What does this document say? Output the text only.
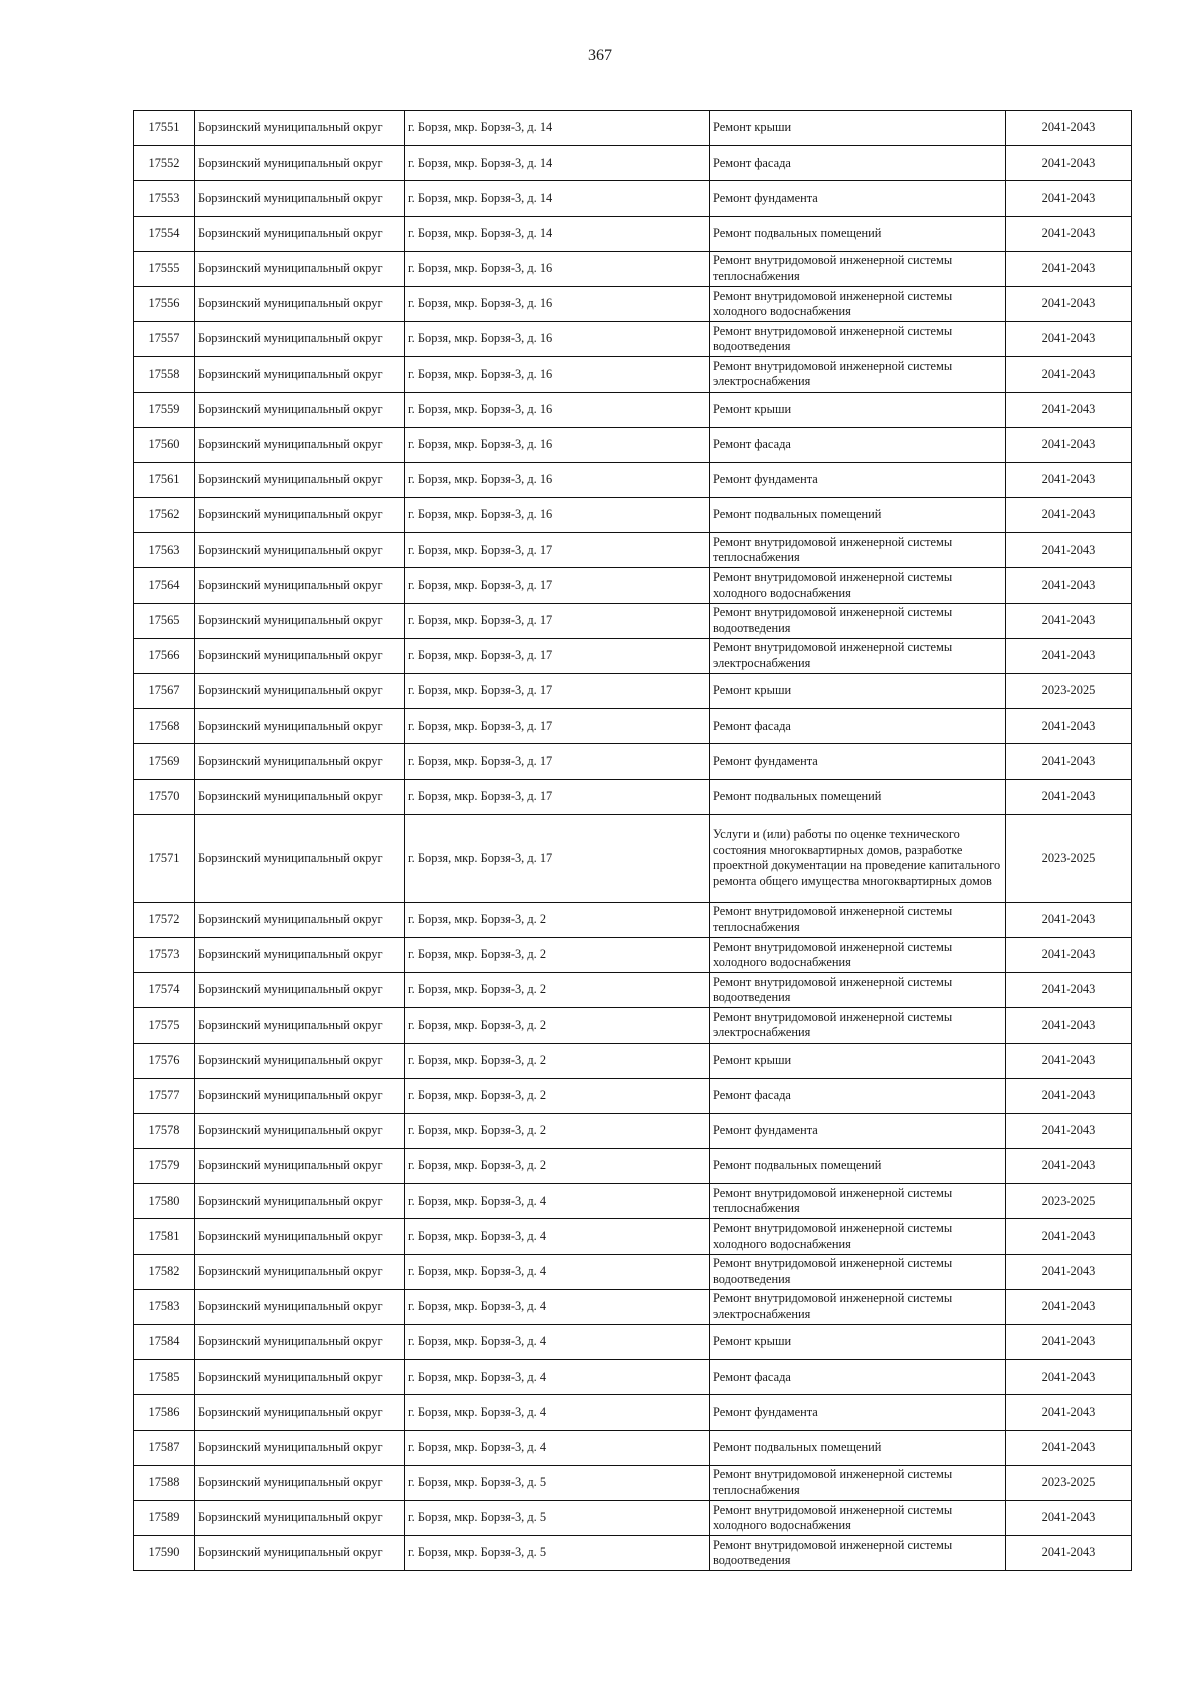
367
17551	Борзинский муниципальный округ	г. Борзя, мкр. Борзя-3, д. 14	Ремонт крыши	2041-2043
17552	Борзинский муниципальный округ	г. Борзя, мкр. Борзя-3, д. 14	Ремонт фасада	2041-2043
17553	Борзинский муниципальный округ	г. Борзя, мкр. Борзя-3, д. 14	Ремонт фундамента	2041-2043
17554	Борзинский муниципальный округ	г. Борзя, мкр. Борзя-3, д. 14	Ремонт подвальных помещений	2041-2043
17555	Борзинский муниципальный округ	г. Борзя, мкр. Борзя-3, д. 16	Ремонт внутридомовой инженерной системы теплоснабжения	2041-2043
17556	Борзинский муниципальный округ	г. Борзя, мкр. Борзя-3, д. 16	Ремонт внутридомовой инженерной системы холодного водоснабжения	2041-2043
17557	Борзинский муниципальный округ	г. Борзя, мкр. Борзя-3, д. 16	Ремонт внутридомовой инженерной системы водоотведения	2041-2043
17558	Борзинский муниципальный округ	г. Борзя, мкр. Борзя-3, д. 16	Ремонт внутридомовой инженерной системы электроснабжения	2041-2043
17559	Борзинский муниципальный округ	г. Борзя, мкр. Борзя-3, д. 16	Ремонт крыши	2041-2043
17560	Борзинский муниципальный округ	г. Борзя, мкр. Борзя-3, д. 16	Ремонт фасада	2041-2043
17561	Борзинский муниципальный округ	г. Борзя, мкр. Борзя-3, д. 16	Ремонт фундамента	2041-2043
17562	Борзинский муниципальный округ	г. Борзя, мкр. Борзя-3, д. 16	Ремонт подвальных помещений	2041-2043
17563	Борзинский муниципальный округ	г. Борзя, мкр. Борзя-3, д. 17	Ремонт внутридомовой инженерной системы теплоснабжения	2041-2043
17564	Борзинский муниципальный округ	г. Борзя, мкр. Борзя-3, д. 17	Ремонт внутридомовой инженерной системы холодного водоснабжения	2041-2043
17565	Борзинский муниципальный округ	г. Борзя, мкр. Борзя-3, д. 17	Ремонт внутридомовой инженерной системы водоотведения	2041-2043
17566	Борзинский муниципальный округ	г. Борзя, мкр. Борзя-3, д. 17	Ремонт внутридомовой инженерной системы электроснабжения	2041-2043
17567	Борзинский муниципальный округ	г. Борзя, мкр. Борзя-3, д. 17	Ремонт крыши	2023-2025
17568	Борзинский муниципальный округ	г. Борзя, мкр. Борзя-3, д. 17	Ремонт фасада	2041-2043
17569	Борзинский муниципальный округ	г. Борзя, мкр. Борзя-3, д. 17	Ремонт фундамента	2041-2043
17570	Борзинский муниципальный округ	г. Борзя, мкр. Борзя-3, д. 17	Ремонт подвальных помещений	2041-2043
17571	Борзинский муниципальный округ	г. Борзя, мкр. Борзя-3, д. 17	Услуги и (или) работы по оценке технического состояния многоквартирных домов, разработке проектной документации на проведение капитального ремонта общего имущества многоквартирных домов	2023-2025
17572	Борзинский муниципальный округ	г. Борзя, мкр. Борзя-3, д. 2	Ремонт внутридомовой инженерной системы теплоснабжения	2041-2043
17573	Борзинский муниципальный округ	г. Борзя, мкр. Борзя-3, д. 2	Ремонт внутридомовой инженерной системы холодного водоснабжения	2041-2043
17574	Борзинский муниципальный округ	г. Борзя, мкр. Борзя-3, д. 2	Ремонт внутридомовой инженерной системы водоотведения	2041-2043
17575	Борзинский муниципальный округ	г. Борзя, мкр. Борзя-3, д. 2	Ремонт внутридомовой инженерной системы электроснабжения	2041-2043
17576	Борзинский муниципальный округ	г. Борзя, мкр. Борзя-3, д. 2	Ремонт крыши	2041-2043
17577	Борзинский муниципальный округ	г. Борзя, мкр. Борзя-3, д. 2	Ремонт фасада	2041-2043
17578	Борзинский муниципальный округ	г. Борзя, мкр. Борзя-3, д. 2	Ремонт фундамента	2041-2043
17579	Борзинский муниципальный округ	г. Борзя, мкр. Борзя-3, д. 2	Ремонт подвальных помещений	2041-2043
17580	Борзинский муниципальный округ	г. Борзя, мкр. Борзя-3, д. 4	Ремонт внутридомовой инженерной системы теплоснабжения	2023-2025
17581	Борзинский муниципальный округ	г. Борзя, мкр. Борзя-3, д. 4	Ремонт внутридомовой инженерной системы холодного водоснабжения	2041-2043
17582	Борзинский муниципальный округ	г. Борзя, мкр. Борзя-3, д. 4	Ремонт внутридомовой инженерной системы водоотведения	2041-2043
17583	Борзинский муниципальный округ	г. Борзя, мкр. Борзя-3, д. 4	Ремонт внутридомовой инженерной системы электроснабжения	2041-2043
17584	Борзинский муниципальный округ	г. Борзя, мкр. Борзя-3, д. 4	Ремонт крыши	2041-2043
17585	Борзинский муниципальный округ	г. Борзя, мкр. Борзя-3, д. 4	Ремонт фасада	2041-2043
17586	Борзинский муниципальный округ	г. Борзя, мкр. Борзя-3, д. 4	Ремонт фундамента	2041-2043
17587	Борзинский муниципальный округ	г. Борзя, мкр. Борзя-3, д. 4	Ремонт подвальных помещений	2041-2043
17588	Борзинский муниципальный округ	г. Борзя, мкр. Борзя-3, д. 5	Ремонт внутридомовой инженерной системы теплоснабжения	2023-2025
17589	Борзинский муниципальный округ	г. Борзя, мкр. Борзя-3, д. 5	Ремонт внутридомовой инженерной системы холодного водоснабжения	2041-2043
17590	Борзинский муниципальный округ	г. Борзя, мкр. Борзя-3, д. 5	Ремонт внутридомовой инженерной системы водоотведения	2041-2043
